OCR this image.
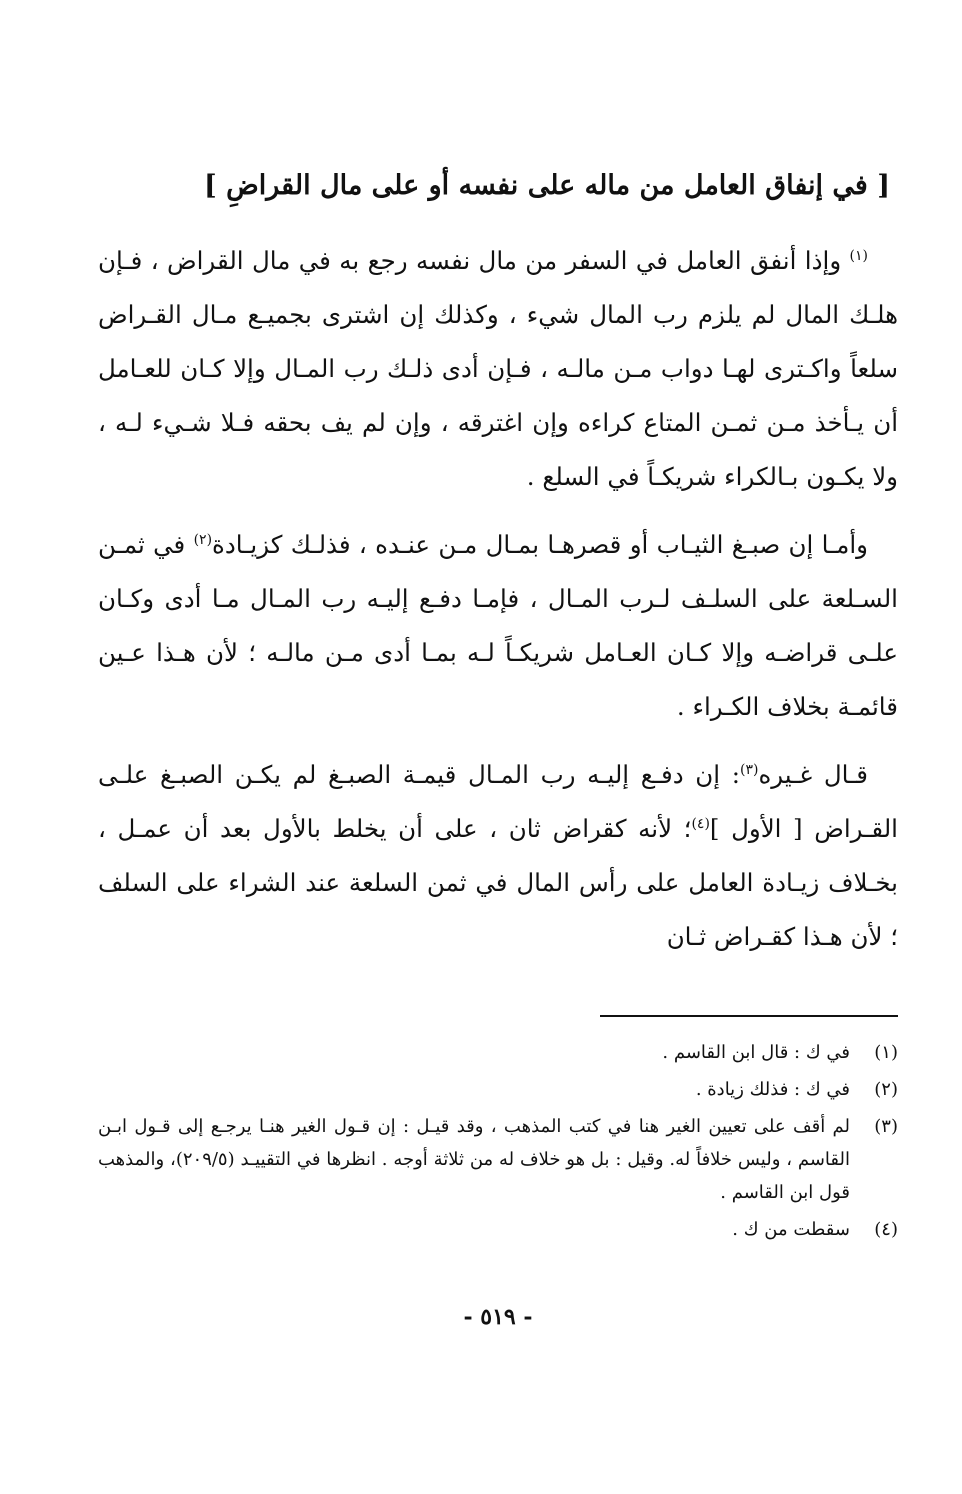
[ في إنفاق العامل من ماله على نفسه أو على مال القراضِ ]

$^{(١)}$ وإذا أنفق العامل في السفر من مال نفسه رجع به في مال القراض ، فـإن هلـك المال لم يلزم رب المال شيء ، وكذلك إن اشترى بجميـع مـال القـراض سلعاً واكـترى لهـا دواب مـن مالـه ، فـإن أدى ذلـك رب المـال وإلا كـان للعـامل أن يـأخذ مـن ثمـن المتاع كراءه وإن اغترقه ، وإن لم يف بحقه فـلا شـيء لـه ، ولا يكـون بـالكراء شريكـاً في السلع .

وأمـا إن صبـغ الثيـاب أو قصرهـا بمـال مـن عنـده ، فذلـك كزيـادة$^{(٢)}$ في ثمـن السـلعة على السلـف لـرب المـال ، فإمـا دفـع إليـه رب المـال مـا أدى وكـان علـى قراضـه وإلا كـان العـامل شريكـاً لـه بمـا أدى مـن مالـه ؛ لأن هـذا عـين قائمـة بخلاف الكـراء .

قـال غـيره$^{(٣)}$: إن دفـع إليـه رب المـال قيمـة الصبـغ لم يكـن الصبـغ علـى القـراض [ الأول ]$^{(٤)}$؛ لأنه كقراض ثان ، على أن يخلط بالأول بعد أن عمـل ، بخـلاف زيـادة العامل على رأس المال في ثمن السلعة عند الشراء على السلف ؛ لأن هـذا كقـراض ثـان

(١)
في ك : قال ابن القاسم .
(٢)
في ك : فذلك زيادة .
(٣)
لم أقف على تعيين الغير هنا في كتب المذهب ، وقد قيـل : إن قـول الغير هنـا يرجـع إلى قـول ابـن القاسم ، وليس خلافاً له. وقيل : بل هو خلاف له من ثلاثة أوجه . انظرها في التقييـد (٢٠٩/٥)، والمذهب قول ابن القاسم .
(٤)
سقطت من ك .
- ٥١٩ -
